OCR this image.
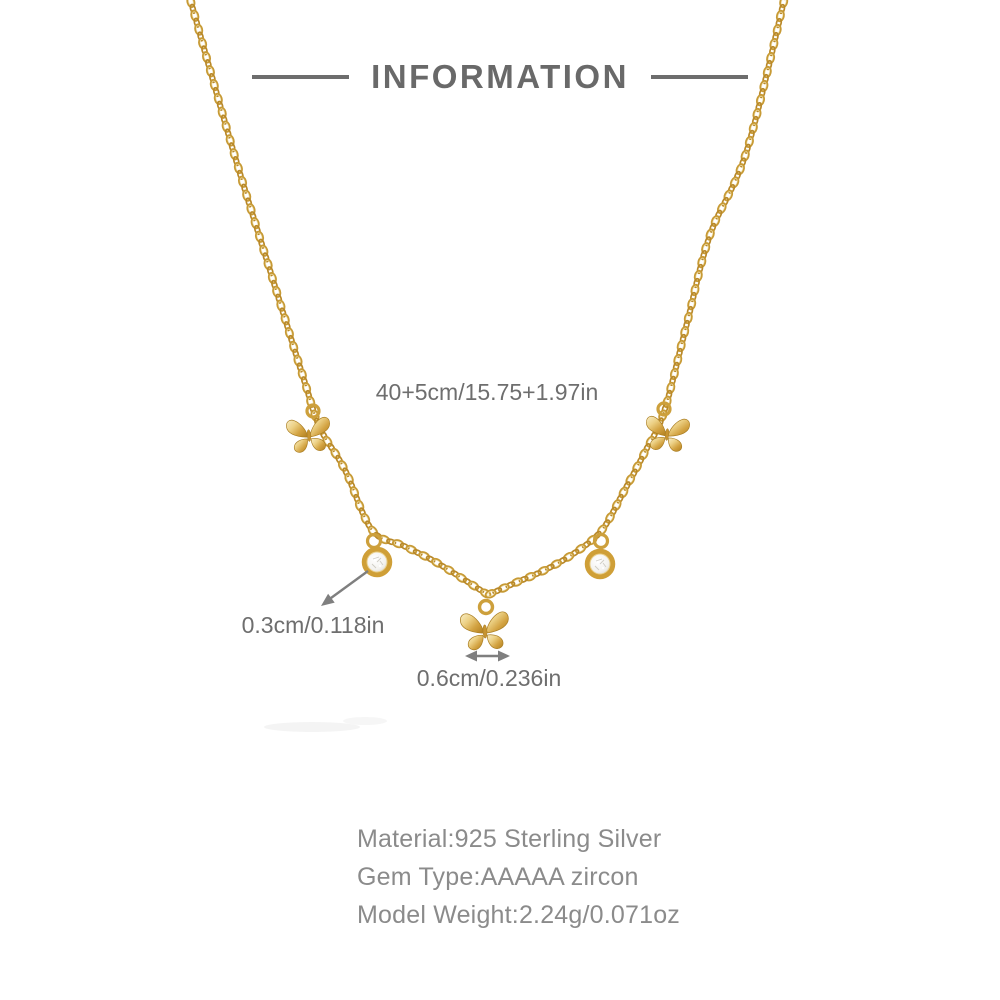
INFORMATION
40+5cm/15.75+1.97in
0.3cm/0.118in
0.6cm/0.236in
Material:925 Sterling Silver
Gem Type:AAAAA zircon
Model Weight:2.24g/0.071oz
